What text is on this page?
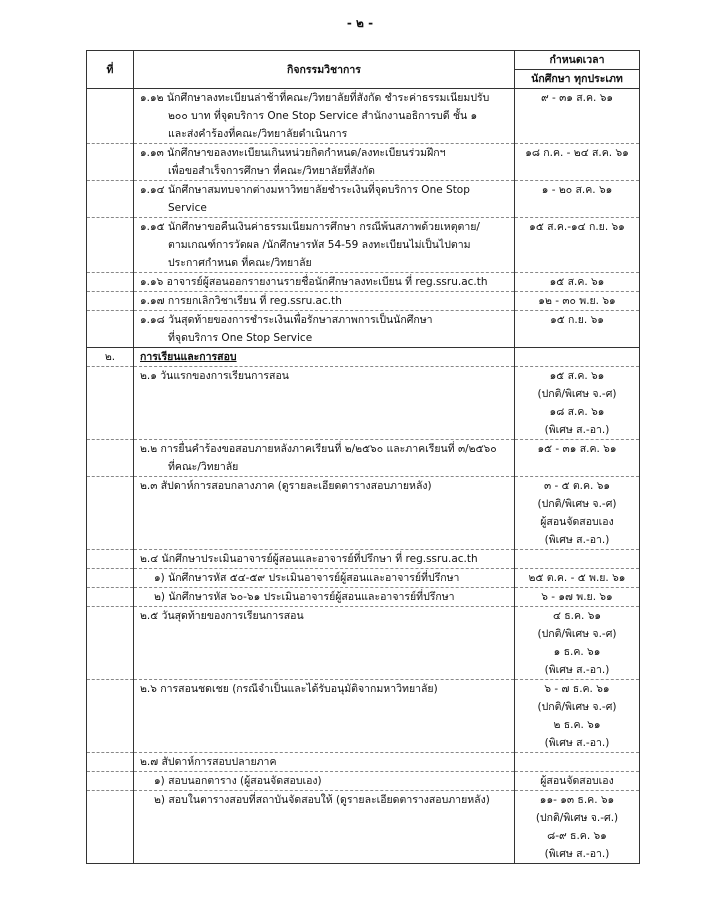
- ๒ -
ที่	กิจกรรมวิชาการ	กำหนดเวลา
		นักศึกษา ทุกประเภท

	๑.๑๒ นักศึกษาลงทะเบียนล่าช้าที่คณะ/วิทยาลัยที่สังกัด ชำระค่าธรรมเนียมปรับ
๒๐๐ บาท ที่จุดบริการ One Stop Service สำนักงานอธิการบดี ชั้น ๑
และส่งคำร้องที่คณะ/วิทยาลัยดำเนินการ	๙ - ๓๑ ส.ค. ๖๑

	๑.๑๓ นักศึกษาขอลงทะเบียนเกินหน่วยกิตกำหนด/ลงทะเบียนร่วมฝึกฯ
เพื่อขอสำเร็จการศึกษา ที่คณะ/วิทยาลัยที่สังกัด	๑๘ ก.ค. - ๒๔ ส.ค. ๖๑

	๑.๑๔ นักศึกษาสมทบจากต่างมหาวิทยาลัยชำระเงินที่จุดบริการ One Stop
Service	๑ - ๒๐ ส.ค. ๖๑

	๑.๑๕ นักศึกษาขอคืนเงินค่าธรรมเนียมการศึกษา กรณีพ้นสภาพด้วยเหตุตาย/
ตามเกณฑ์การวัดผล /นักศึกษารหัส 54-59 ลงทะเบียนไม่เป็นไปตาม
ประกาศกำหนด ที่คณะ/วิทยาลัย	๑๕ ส.ค.-๑๔ ก.ย. ๖๑

	๑.๑๖ อาจารย์ผู้สอนออกรายงานรายชื่อนักศึกษาลงทะเบียน ที่ reg.ssru.ac.th	๑๕ ส.ค. ๖๑

	๑.๑๗ การยกเลิกวิชาเรียน ที่ reg.ssru.ac.th	๑๒ - ๓๐ พ.ย. ๖๑

	๑.๑๘ วันสุดท้ายของการชำระเงินเพื่อรักษาสภาพการเป็นนักศึกษา
ที่จุดบริการ One Stop Service	๑๕ ก.ย. ๖๑

๒.	การเรียนและการสอบ	

	๒.๑ วันแรกของการเรียนการสอน	๑๕ ส.ค. ๖๑
(ปกติ/พิเศษ จ.-ศ)
๑๘ ส.ค. ๖๑
(พิเศษ ส.-อา.)

	๒.๒ การยื่นคำร้องขอสอบภายหลังภาคเรียนที่ ๒/๒๕๖๐ และภาคเรียนที่ ๓/๒๕๖๐
ที่คณะ/วิทยาลัย	๑๕ - ๓๑ ส.ค. ๖๑

	๒.๓ สัปดาห์การสอบกลางภาค (ดูรายละเอียดตารางสอบภายหลัง)	๓ - ๕ ต.ค. ๖๑
(ปกติ/พิเศษ จ.-ศ)
ผู้สอนจัดสอบเอง
(พิเศษ ส.-อา.)

	๒.๔ นักศึกษาประเมินอาจารย์ผู้สอนและอาจารย์ที่ปรึกษา ที่ reg.ssru.ac.th	

	๑) นักศึกษารหัส ๕๔-๕๙ ประเมินอาจารย์ผู้สอนและอาจารย์ที่ปรึกษา	๒๕ ต.ค. - ๕ พ.ย. ๖๑

	๒) นักศึกษารหัส ๖๐-๖๑ ประเมินอาจารย์ผู้สอนและอาจารย์ที่ปรึกษา	๖ - ๑๗ พ.ย. ๖๑

	๒.๕ วันสุดท้ายของการเรียนการสอน	๔ ธ.ค. ๖๑
(ปกติ/พิเศษ จ.-ศ)
๑ ธ.ค. ๖๑
(พิเศษ ส.-อา.)

	๒.๖ การสอนชดเชย (กรณีจำเป็นและได้รับอนุมัติจากมหาวิทยาลัย)	๖ - ๗ ธ.ค. ๖๑
(ปกติ/พิเศษ จ.-ศ)
๒ ธ.ค. ๖๑
(พิเศษ ส.-อา.)

	๒.๗ สัปดาห์การสอบปลายภาค	

	๑) สอบนอกตาราง (ผู้สอนจัดสอบเอง)	ผู้สอนจัดสอบเอง

	๒) สอบในตารางสอบที่สถาบันจัดสอบให้ (ดูรายละเอียดตารางสอบภายหลัง)	๑๑- ๑๓ ธ.ค. ๖๑
(ปกติ/พิเศษ จ.-ศ.)
๘-๙ ธ.ค. ๖๑
(พิเศษ ส.-อา.)
